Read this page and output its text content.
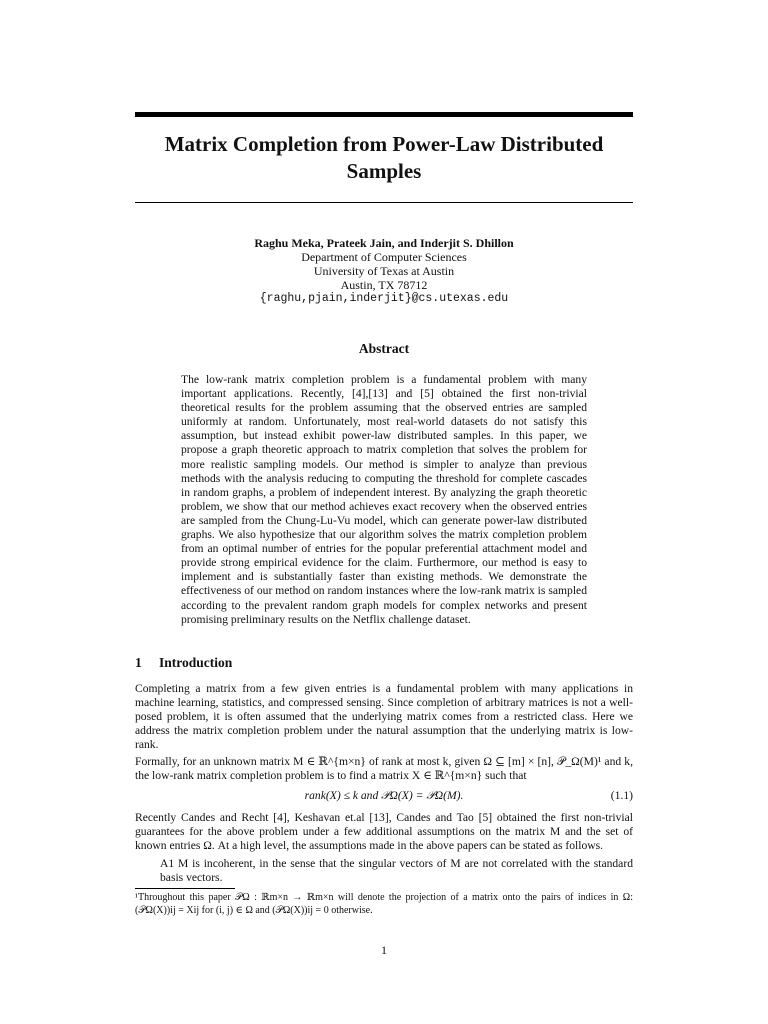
Matrix Completion from Power-Law Distributed Samples
Raghu Meka, Prateek Jain, and Inderjit S. Dhillon
Department of Computer Sciences
University of Texas at Austin
Austin, TX 78712
{raghu,pjain,inderjit}@cs.utexas.edu
Abstract
The low-rank matrix completion problem is a fundamental problem with many important applications. Recently, [4],[13] and [5] obtained the first non-trivial theoretical results for the problem assuming that the observed entries are sampled uniformly at random. Unfortunately, most real-world datasets do not satisfy this assumption, but instead exhibit power-law distributed samples. In this paper, we propose a graph theoretic approach to matrix completion that solves the problem for more realistic sampling models. Our method is simpler to analyze than previous methods with the analysis reducing to computing the threshold for complete cascades in random graphs, a problem of independent interest. By analyzing the graph theoretic problem, we show that our method achieves exact recovery when the observed entries are sampled from the Chung-Lu-Vu model, which can generate power-law distributed graphs. We also hypothesize that our algorithm solves the matrix completion problem from an optimal number of entries for the popular preferential attachment model and provide strong empirical evidence for the claim. Furthermore, our method is easy to implement and is substantially faster than existing methods. We demonstrate the effectiveness of our method on random instances where the low-rank matrix is sampled according to the prevalent random graph models for complex networks and present promising preliminary results on the Netflix challenge dataset.
1 Introduction

Completing a matrix from a few given entries is a fundamental problem with many applications in machine learning, statistics, and compressed sensing. Since completion of arbitrary matrices is not a well-posed problem, it is often assumed that the underlying matrix comes from a restricted class. Here we address the matrix completion problem under the natural assumption that the underlying matrix is low-rank.

Formally, for an unknown matrix M ∈ ℝ^{m×n} of rank at most k, given Ω ⊆ [m] × [n], 𝒫_Ω(M)¹ and k, the low-rank matrix completion problem is to find a matrix X ∈ ℝ^{m×n} such that

rank(X) ≤ k and 𝒫Ω(X) = 𝒫Ω(M).	(1.1)

Recently Candes and Recht [4], Keshavan et.al [13], Candes and Tao [5] obtained the first non-trivial guarantees for the above problem under a few additional assumptions on the matrix M and the set of known entries Ω. At a high level, the assumptions made in the above papers can be stated as follows.

A1 M is incoherent, in the sense that the singular vectors of M are not correlated with the standard basis vectors.
¹Throughout this paper 𝒫Ω : ℝm×n → ℝm×n will denote the projection of a matrix onto the pairs of indices in Ω: (𝒫Ω(X))ij = Xij for (i, j) ∈ Ω and (𝒫Ω(X))ij = 0 otherwise.
1
